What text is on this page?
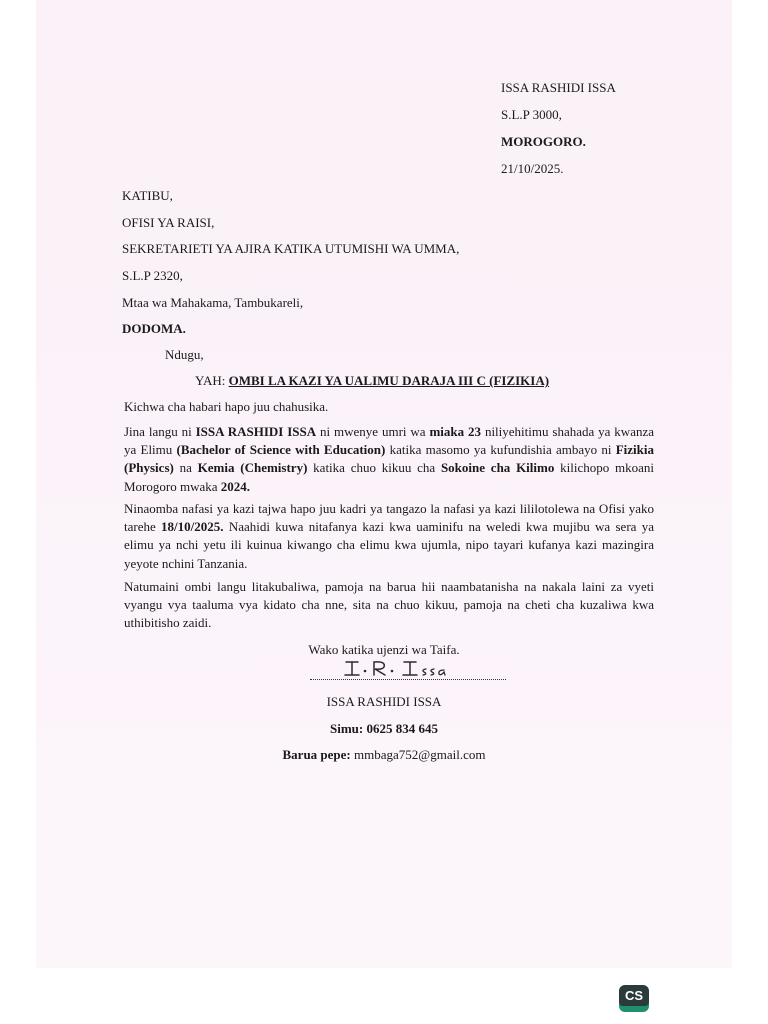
ISSA RASHIDI ISSA
S.L.P 3000,
MOROGORO.
21/10/2025.
KATIBU,
OFISI YA RAISI,
SEKRETARIETI YA AJIRA KATIKA UTUMISHI WA UMMA,
S.L.P 2320,
Mtaa wa Mahakama, Tambukareli,
DODOMA.
Ndugu,
YAH: OMBI LA KAZI YA UALIMU DARAJA III C (FIZIKIA)
Kichwa cha habari hapo juu chahusika.
Jina langu ni ISSA RASHIDI ISSA ni mwenye umri wa miaka 23 niliyehitimu shahada ya kwanza ya Elimu (Bachelor of Science with Education) katika masomo ya kufundishia ambayo ni Fizikia (Physics) na Kemia (Chemistry) katika chuo kikuu cha Sokoine cha Kilimo kilichopo mkoani Morogoro mwaka 2024.
Ninaomba nafasi ya kazi tajwa hapo juu kadri ya tangazo la nafasi ya kazi lililotolewa na Ofisi yako tarehe 18/10/2025. Naahidi kuwa nitafanya kazi kwa uaminifu na weledi kwa mujibu wa sera ya elimu ya nchi yetu ili kuinua kiwango cha elimu kwa ujumla, nipo tayari kufanya kazi mazingira yeyote nchini Tanzania.
Natumaini ombi langu litakubaliwa, pamoja na barua hii naambatanisha na nakala laini za vyeti vyangu vya taaluma vya kidato cha nne, sita na chuo kikuu, pamoja na cheti cha kuzaliwa kwa uthibitisho zaidi.
Wako katika ujenzi wa Taifa.
ISSA RASHIDI ISSA
Simu: 0625 834 645
Barua pepe: mmbaga752@gmail.com
CS
